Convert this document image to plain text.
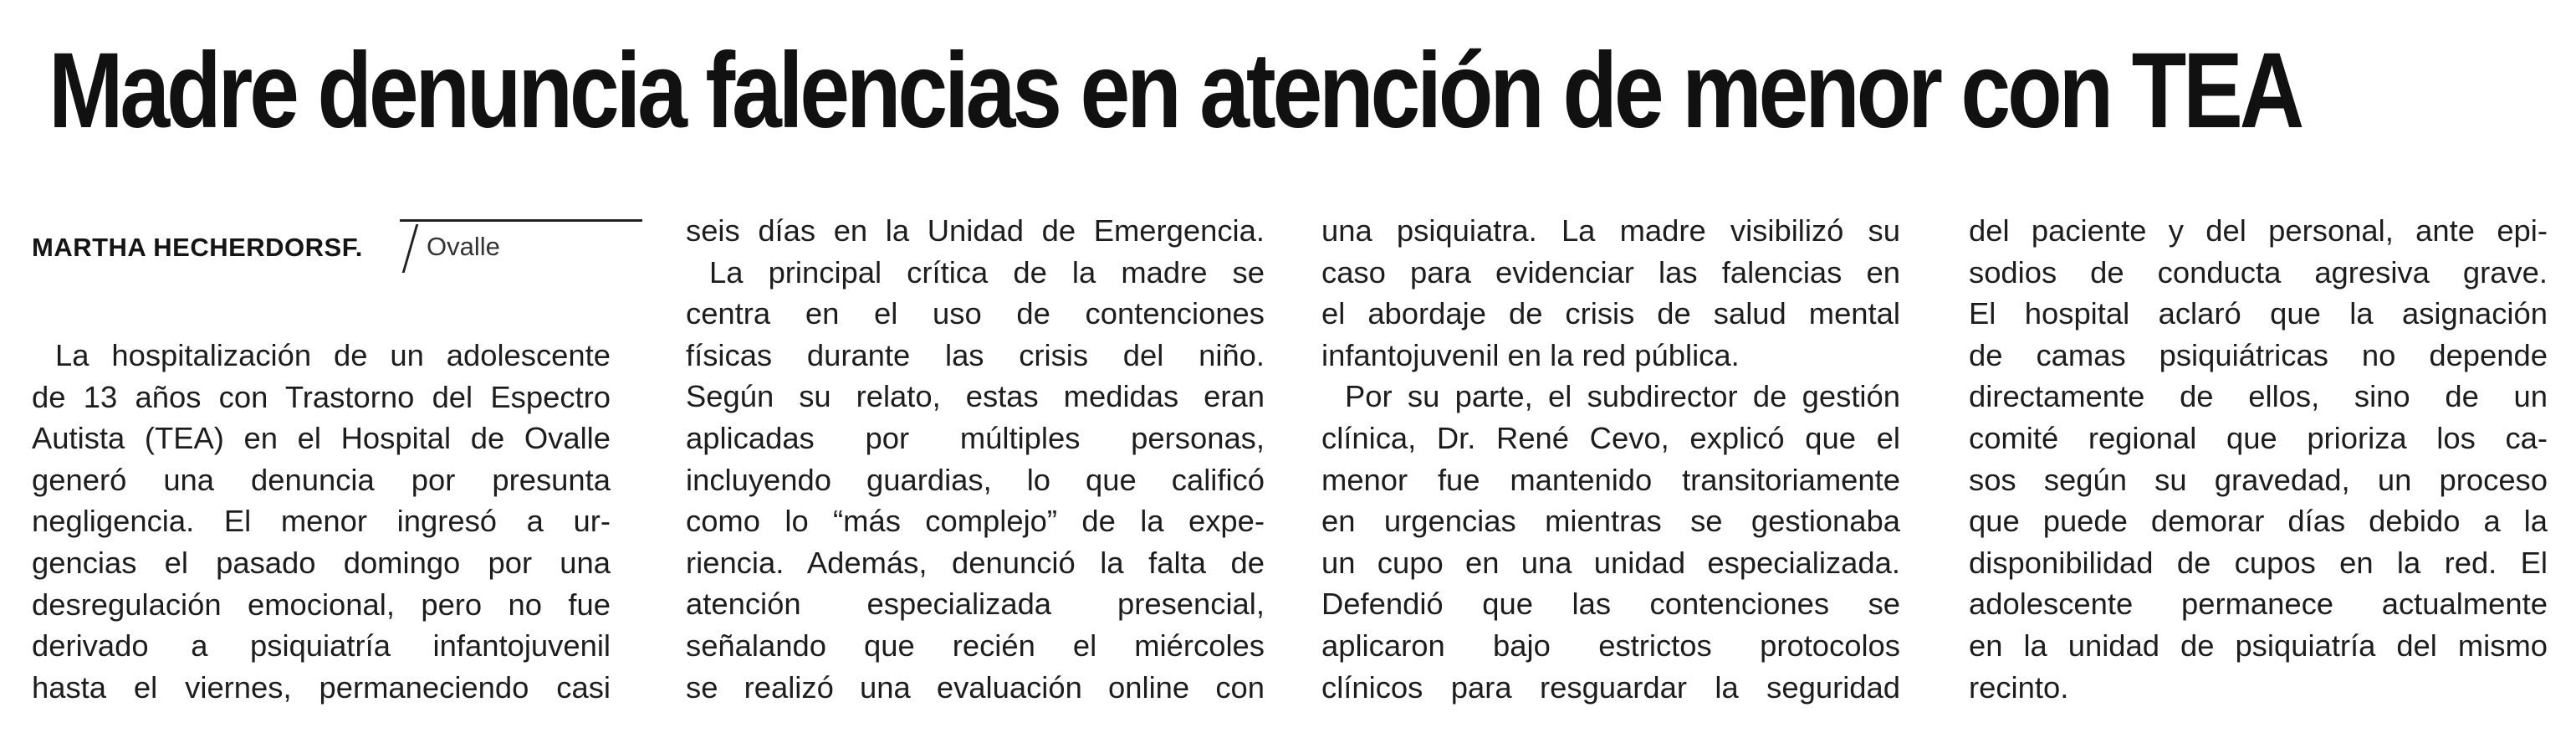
Madre denuncia falencias en atención de menor con TEA
MARTHA HECHERDORSF. Ovalle
La hospitalización de un adolescente
de 13 años con Trastorno del Espectro
Autista (TEA) en el Hospital de Ovalle
generó una denuncia por presunta
negligencia. El menor ingresó a ur-
gencias el pasado domingo por una
desregulación emocional, pero no fue
derivado a psiquiatría infantojuvenil
hasta el viernes, permaneciendo casi
seis días en la Unidad de Emergencia.
La principal crítica de la madre se
centra en el uso de contenciones
físicas durante las crisis del niño.
Según su relato, estas medidas eran
aplicadas por múltiples personas,
incluyendo guardias, lo que calificó
como lo “más complejo” de la expe-
riencia. Además, denunció la falta de
atención especializada presencial,
señalando que recién el miércoles
se realizó una evaluación online con
una psiquiatra. La madre visibilizó su
caso para evidenciar las falencias en
el abordaje de crisis de salud mental
infantojuvenil en la red pública.
Por su parte, el subdirector de gestión
clínica, Dr. René Cevo, explicó que el
menor fue mantenido transitoriamente
en urgencias mientras se gestionaba
un cupo en una unidad especializada.
Defendió que las contenciones se
aplicaron bajo estrictos protocolos
clínicos para resguardar la seguridad
del paciente y del personal, ante epi-
sodios de conducta agresiva grave.
El hospital aclaró que la asignación
de camas psiquiátricas no depende
directamente de ellos, sino de un
comité regional que prioriza los ca-
sos según su gravedad, un proceso
que puede demorar días debido a la
disponibilidad de cupos en la red. El
adolescente permanece actualmente
en la unidad de psiquiatría del mismo
recinto.
